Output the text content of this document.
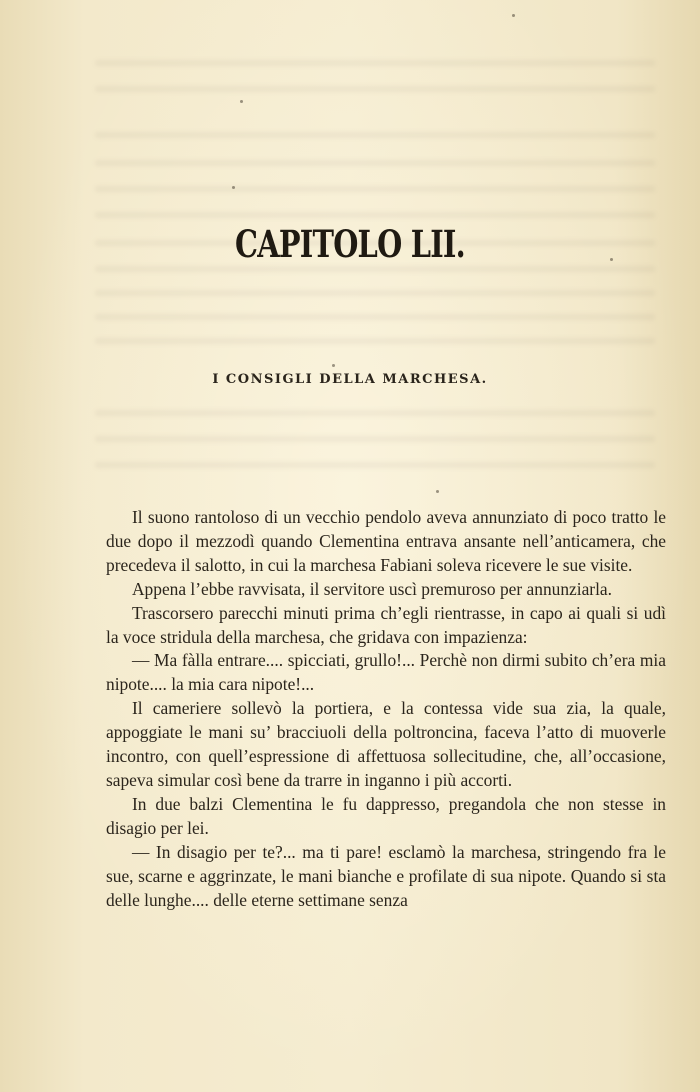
CAPITOLO LII.
I CONSIGLI DELLA MARCHESA.

Il suono rantoloso di un vecchio pendolo aveva annunziato di poco tratto le due dopo il mezzodì quando Clementina entrava ansante nell’anticamera, che precedeva il salotto, in cui la marchesa Fabiani soleva ricevere le sue visite.

Appena l’ebbe ravvisata, il servitore uscì premuroso per annunziarla.

Trascorsero parecchi minuti prima ch’egli rientrasse, in capo ai quali si udì la voce stridula della marchesa, che gridava con impazienza:

— Ma fàlla entrare.... spicciati, grullo!... Perchè non dirmi subito ch’era mia nipote.... la mia cara nipote!...

Il cameriere sollevò la portiera, e la contessa vide sua zia, la quale, appoggiate le mani su’ bracciuoli della poltroncina, faceva l’atto di muoverle incontro, con quell’espressione di affettuosa sollecitudine, che, all’occasione, sapeva simular così bene da trarre in inganno i più accorti.

In due balzi Clementina le fu dappresso, pregandola che non stesse in disagio per lei.

— In disagio per te?... ma ti pare! esclamò la marchesa, stringendo fra le sue, scarne e aggrinzate, le mani bianche e profilate di sua nipote. Quando si sta delle lunghe.... delle eterne settimane senza
